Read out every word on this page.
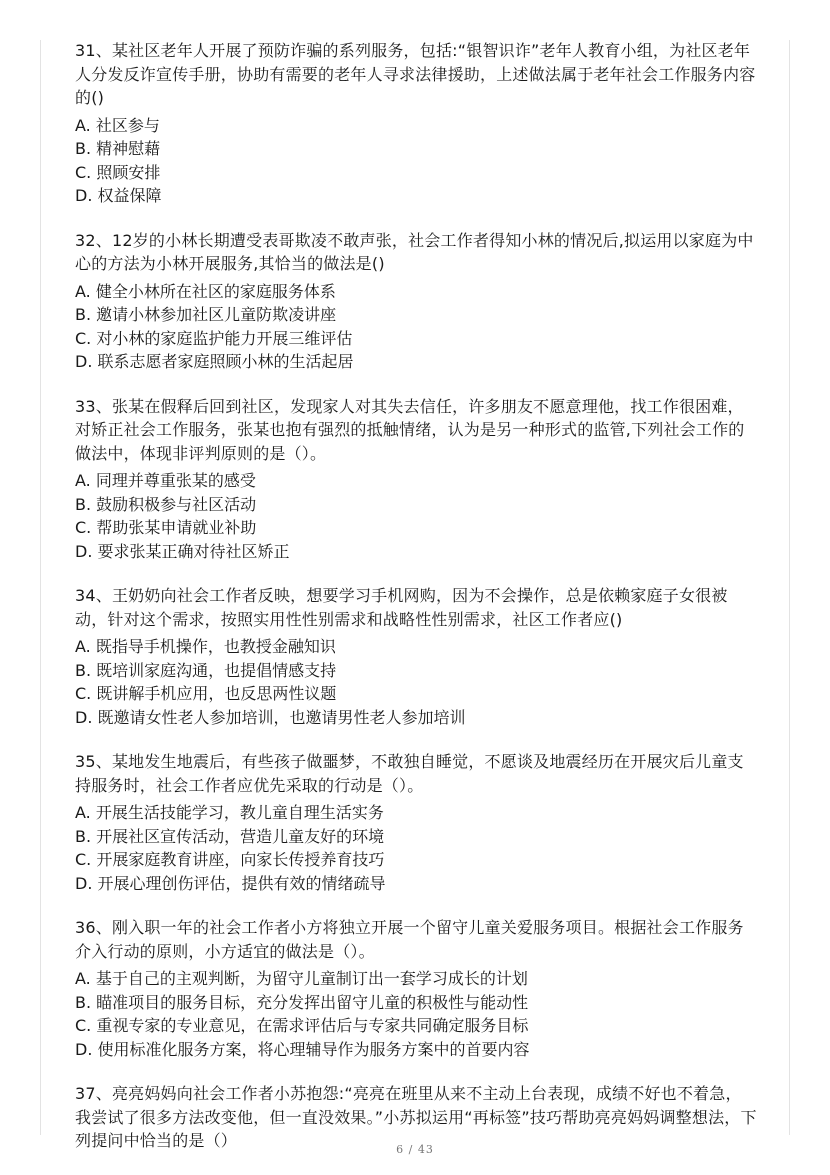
31、某社区老年人开展了预防诈骗的系列服务，包括:“银智识诈”老年人教育小组，为社区老年人分发反诈宣传手册，协助有需要的老年人寻求法律援助，上述做法属于老年社会工作服务内容的()

A. 社区参与

B. 精神慰藉

C. 照顾安排

D. 权益保障

32、12岁的小林长期遭受表哥欺凌不敢声张，社会工作者得知小林的情况后,拟运用以家庭为中心的方法为小林开展服务,其恰当的做法是()

A. 健全小林所在社区的家庭服务体系

B. 邀请小林参加社区儿童防欺凌讲座

C. 对小林的家庭监护能力开展三维评估

D. 联系志愿者家庭照顾小林的生活起居

33、张某在假释后回到社区，发现家人对其失去信任，许多朋友不愿意理他，找工作很困难，对矫正社会工作服务，张某也抱有强烈的抵触情绪，认为是另一种形式的监管,下列社会工作的做法中，体现非评判原则的是（）。

A. 同理并尊重张某的感受

B. 鼓励积极参与社区活动

C. 帮助张某申请就业补助

D. 要求张某正确对待社区矫正

34、王奶奶向社会工作者反映，想要学习手机网购，因为不会操作，总是依赖家庭子女很被动，针对这个需求，按照实用性性别需求和战略性性别需求，社区工作者应()

A. 既指导手机操作，也教授金融知识

B. 既培训家庭沟通，也提倡情感支持

C. 既讲解手机应用，也反思两性议题

D. 既邀请女性老人参加培训，也邀请男性老人参加培训

35、某地发生地震后，有些孩子做噩梦，不敢独自睡觉，不愿谈及地震经历在开展灾后儿童支持服务时，社会工作者应优先采取的行动是（）。

A. 开展生活技能学习，教儿童自理生活实务

B. 开展社区宣传活动，营造儿童友好的环境

C. 开展家庭教育讲座，向家长传授养育技巧

D. 开展心理创伤评估，提供有效的情绪疏导

36、刚入职一年的社会工作者小方将独立开展一个留守儿童关爱服务项目。根据社会工作服务介入行动的原则，小方适宜的做法是（）。

A. 基于自己的主观判断，为留守儿童制订出一套学习成长的计划

B. 瞄准项目的服务目标，充分发挥出留守儿童的积极性与能动性

C. 重视专家的专业意见，在需求评估后与专家共同确定服务目标

D. 使用标准化服务方案，将心理辅导作为服务方案中的首要内容

37、亮亮妈妈向社会工作者小苏抱怨:“亮亮在班里从来不主动上台表现，成绩不好也不着急，我尝试了很多方法改变他，但一直没效果。”小苏拟运用“再标签”技巧帮助亮亮妈妈调整想法，下列提问中恰当的是（）	6 / 43
